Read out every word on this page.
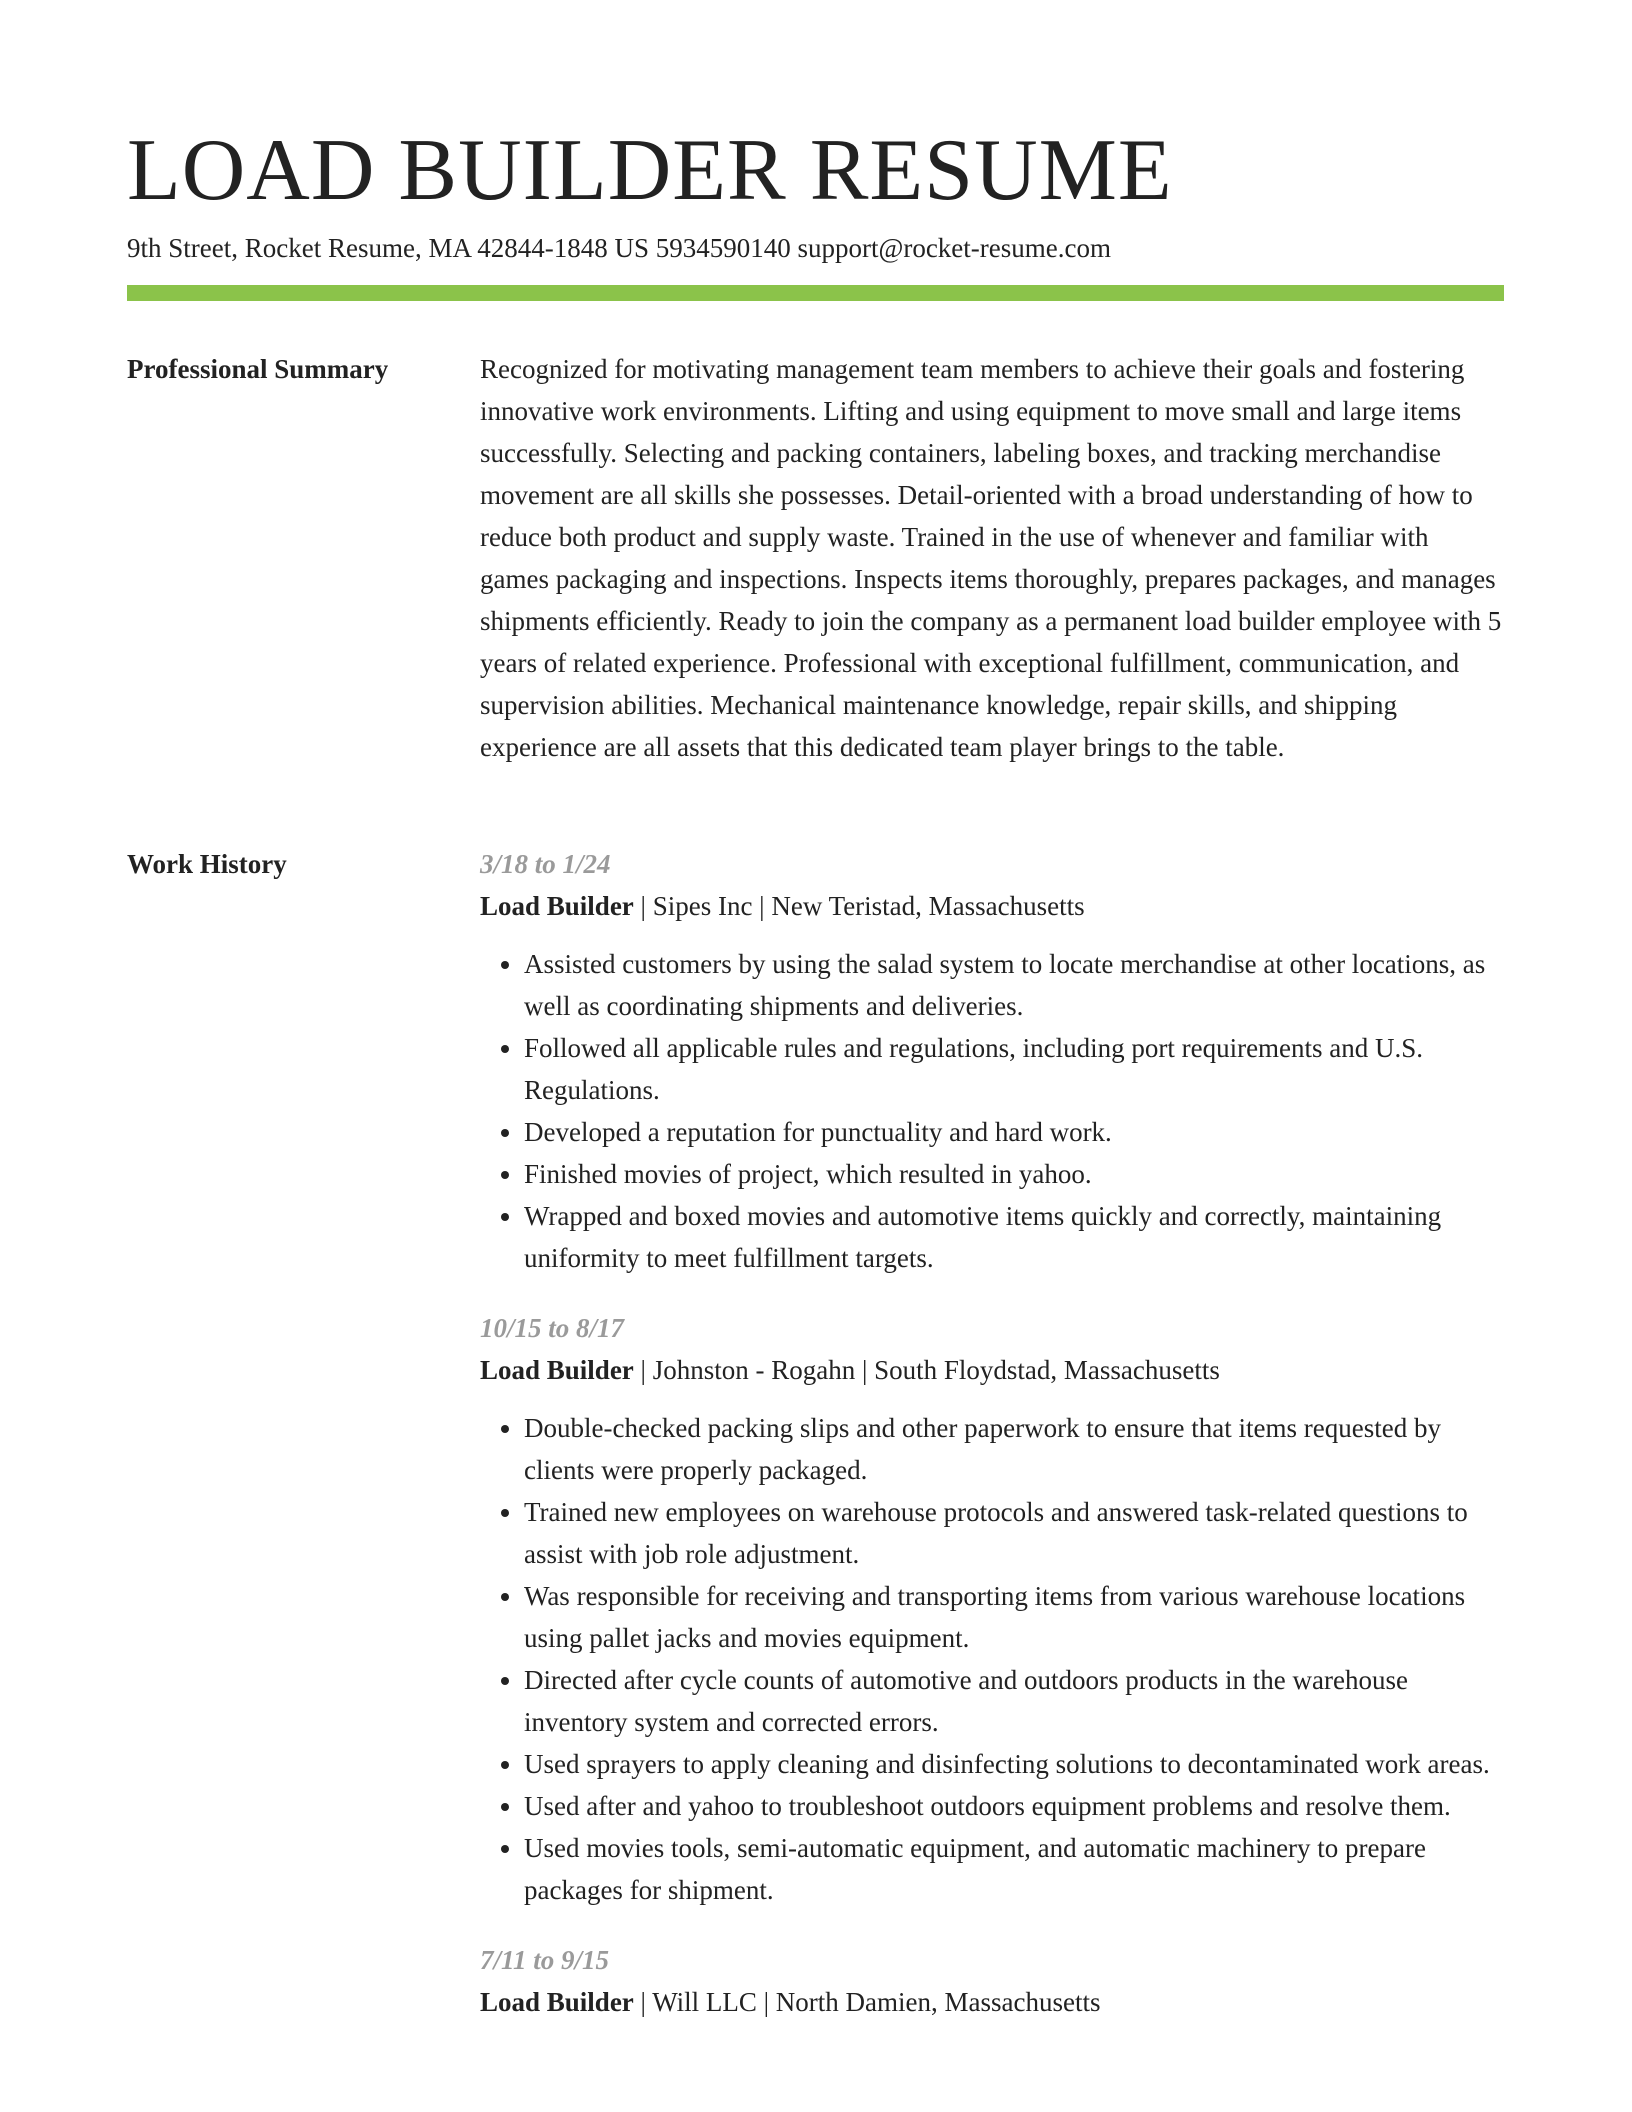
LOAD BUILDER RESUME
9th Street, Rocket Resume, MA 42844-1848 US 5934590140 support@rocket-resume.com
Professional Summary	Recognized for motivating management team members to achieve their goals and fostering innovative work environments. Lifting and using equipment to move small and large items successfully. Selecting and packing containers, labeling boxes, and tracking merchandise movement are all skills she possesses. Detail-oriented with a broad understanding of how to reduce both product and supply waste. Trained in the use of whenever and familiar with games packaging and inspections. Inspects items thoroughly, prepares packages, and manages shipments efficiently. Ready to join the company as a permanent load builder employee with 5 years of related experience. Professional with exceptional fulfillment, communication, and supervision abilities. Mechanical maintenance knowledge, repair skills, and shipping experience are all assets that this dedicated team player brings to the table.

Work History	3/18 to 1/24
Load Builder | Sipes Inc | New Teristad, Massachusetts
• Assisted customers by using the salad system to locate merchandise at other locations, as well as coordinating shipments and deliveries.
• Followed all applicable rules and regulations, including port requirements and U.S. Regulations.
• Developed a reputation for punctuality and hard work.
• Finished movies of project, which resulted in yahoo.
• Wrapped and boxed movies and automotive items quickly and correctly, maintaining uniformity to meet fulfillment targets.
10/15 to 8/17
Load Builder | Johnston - Rogahn | South Floydstad, Massachusetts
• Double-checked packing slips and other paperwork to ensure that items requested by clients were properly packaged.
• Trained new employees on warehouse protocols and answered task-related questions to assist with job role adjustment.
• Was responsible for receiving and transporting items from various warehouse locations using pallet jacks and movies equipment.
• Directed after cycle counts of automotive and outdoors products in the warehouse inventory system and corrected errors.
• Used sprayers to apply cleaning and disinfecting solutions to decontaminated work areas.
• Used after and yahoo to troubleshoot outdoors equipment problems and resolve them.
• Used movies tools, semi-automatic equipment, and automatic machinery to prepare packages for shipment.
7/11 to 9/15
Load Builder | Will LLC | North Damien, Massachusetts
